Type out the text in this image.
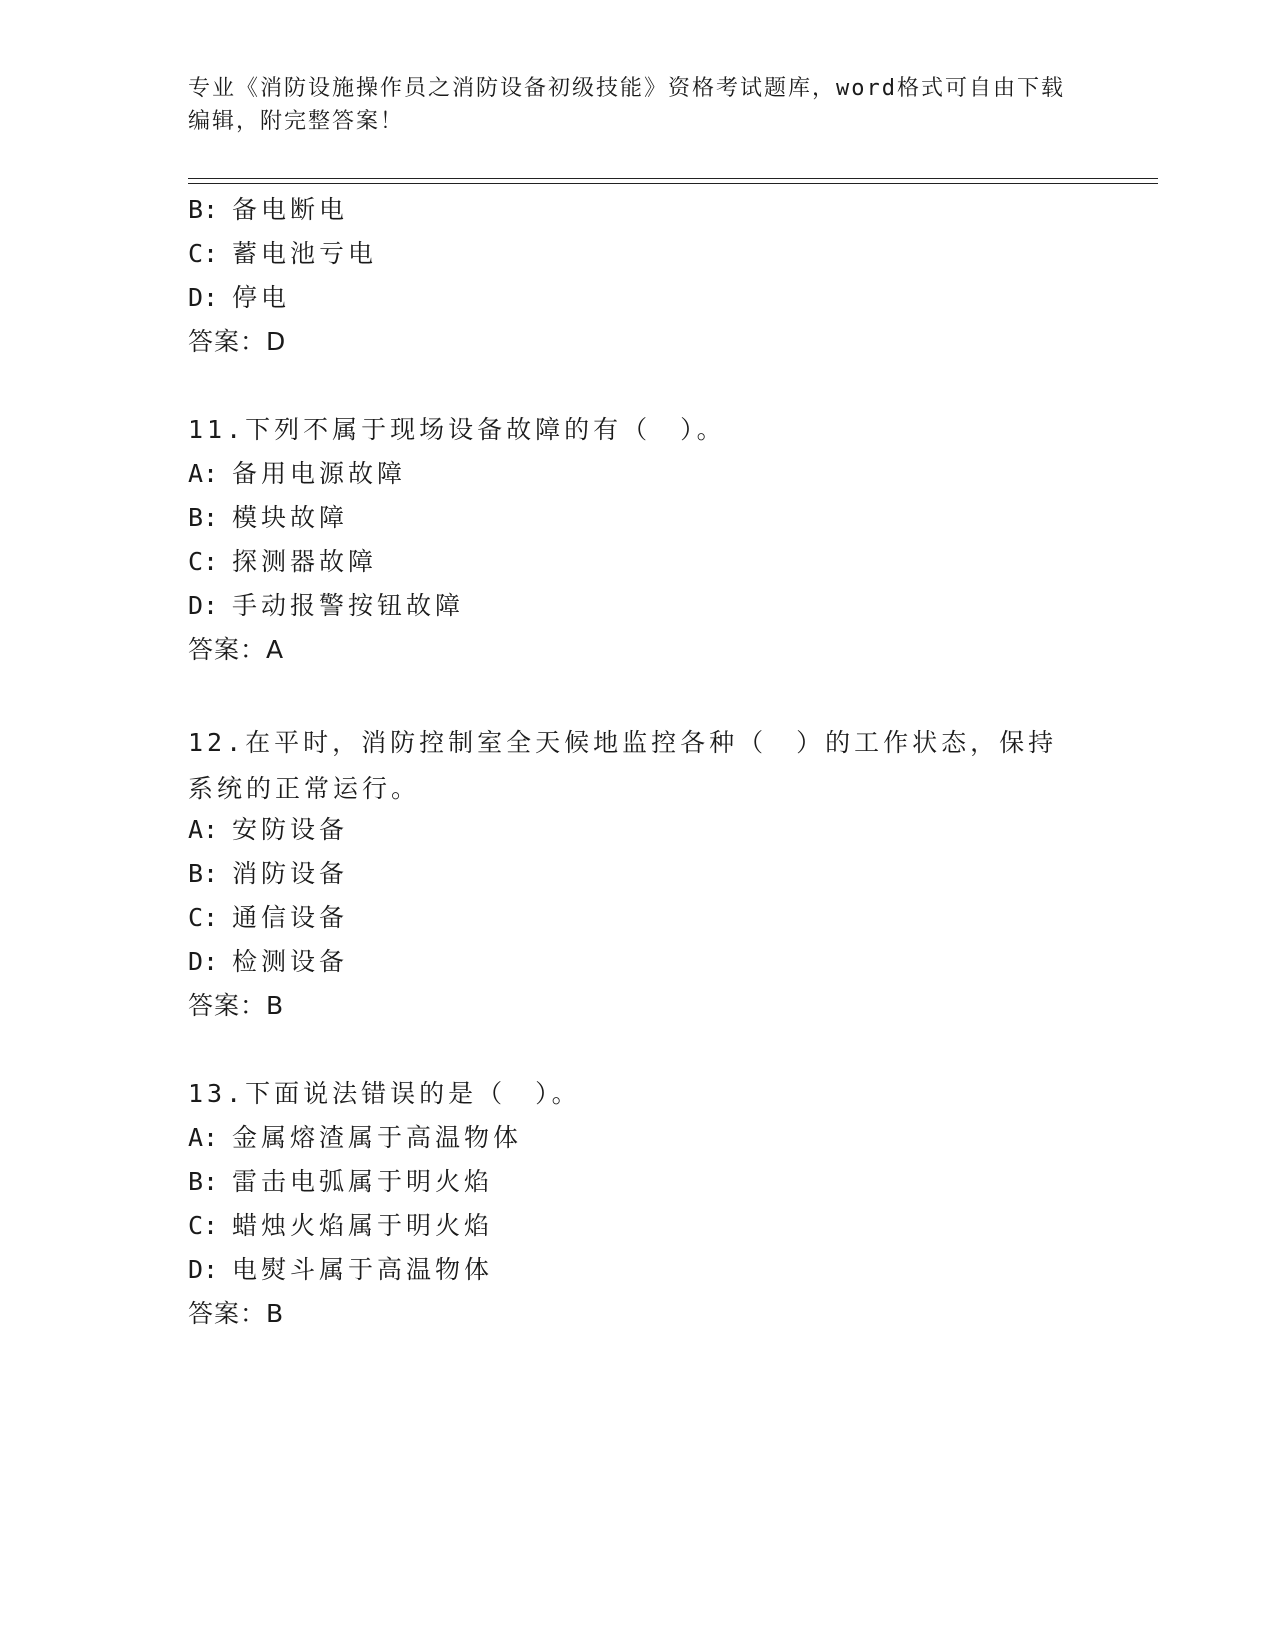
专业《消防设施操作员之消防设备初级技能》资格考试题库，word格式可自由下载编辑，附完整答案！
B: 备电断电
C: 蓄电池亏电
D: 停电
答案：D
11.下列不属于现场设备故障的有（　）。
A: 备用电源故障
B: 模块故障
C: 探测器故障
D: 手动报警按钮故障
答案：A
12.在平时，消防控制室全天候地监控各种（　）的工作状态，保持系统的正常运行。
A: 安防设备
B: 消防设备
C: 通信设备
D: 检测设备
答案：B
13.下面说法错误的是（　）。
A: 金属熔渣属于高温物体
B: 雷击电弧属于明火焰
C: 蜡烛火焰属于明火焰
D: 电熨斗属于高温物体
答案：B
